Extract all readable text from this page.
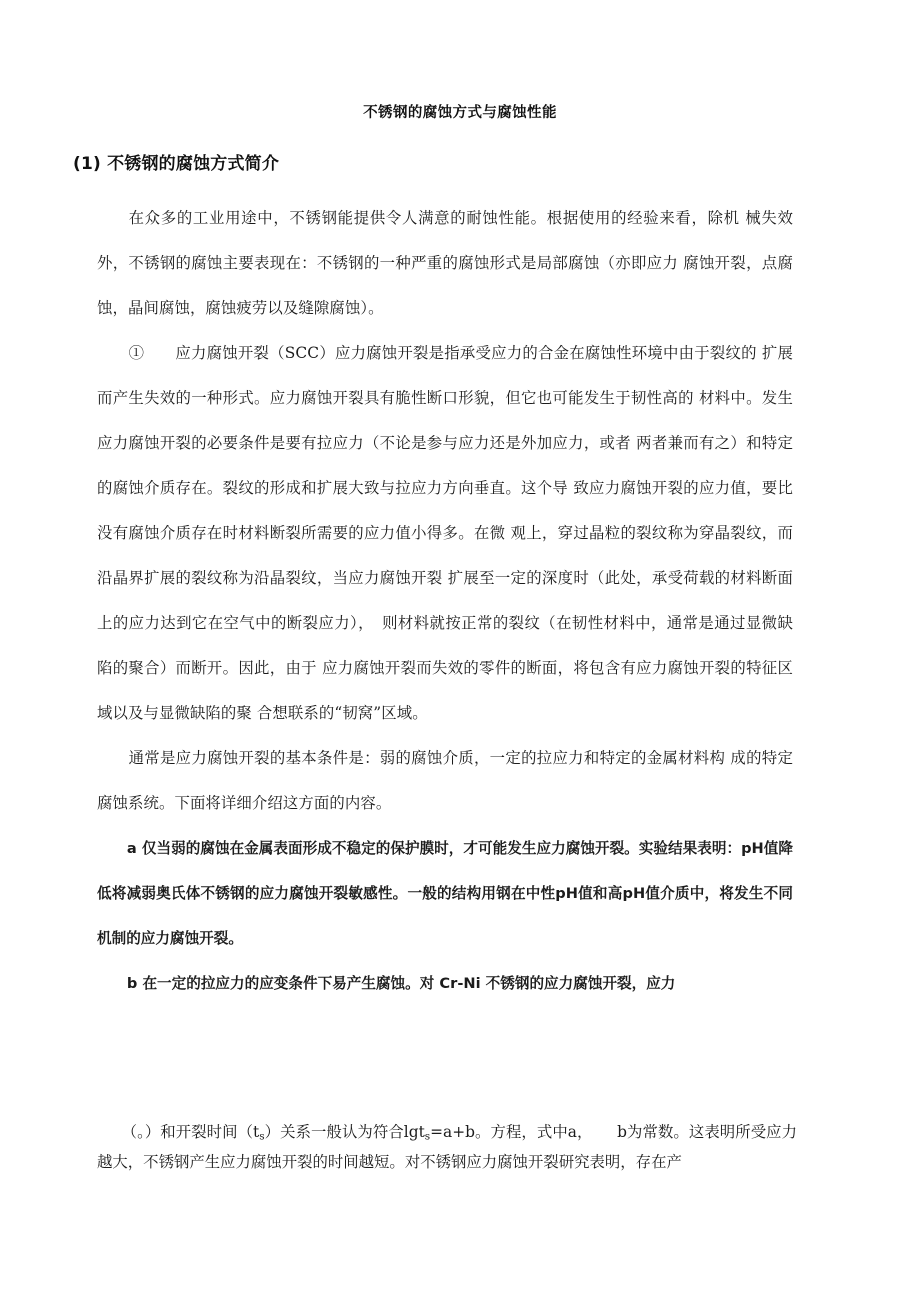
不锈钢的腐蚀方式与腐蚀性能
(1) 不锈钢的腐蚀方式简介

在众多的工业用途中，不锈钢能提供令人满意的耐蚀性能。根据使用的经验来看，除机 械失效外，不锈钢的腐蚀主要表现在：不锈钢的一种严重的腐蚀形式是局部腐蚀（亦即应力 腐蚀开裂，点腐蚀，晶间腐蚀，腐蚀疲劳以及缝隙腐蚀）。

①　　应力腐蚀开裂（SCC）应力腐蚀开裂是指承受应力的合金在腐蚀性环境中由于裂纹的 扩展而产生失效的一种形式。应力腐蚀开裂具有脆性断口形貌，但它也可能发生于韧性高的 材料中。发生应力腐蚀开裂的必要条件是要有拉应力（不论是参与应力还是外加应力，或者 两者兼而有之）和特定的腐蚀介质存在。裂纹的形成和扩展大致与拉应力方向垂直。这个导 致应力腐蚀开裂的应力值，要比没有腐蚀介质存在时材料断裂所需要的应力值小得多。在微 观上，穿过晶粒的裂纹称为穿晶裂纹，而沿晶界扩展的裂纹称为沿晶裂纹，当应力腐蚀开裂 扩展至一定的深度时（此处，承受荷载的材料断面上的应力达到它在空气中的断裂应力），　则材料就按正常的裂纹（在韧性材料中，通常是通过显微缺陷的聚合）而断开。因此，由于 应力腐蚀开裂而失效的零件的断面，将包含有应力腐蚀开裂的特征区域以及与显微缺陷的聚 合想联系的“韧窝”区域。

通常是应力腐蚀开裂的基本条件是：弱的腐蚀介质，一定的拉应力和特定的金属材料构 成的特定腐蚀系统。下面将详细介绍这方面的内容。

a 仅当弱的腐蚀在金属表面形成不稳定的保护膜时，才可能发生应力腐蚀开裂。实验结果表明：pH值降低将减弱奥氏体不锈钢的应力腐蚀开裂敏感性。一般的结构用钢在中性pH值和高pH值介质中，将发生不同机制的应力腐蚀开裂。

b 在一定的拉应力的应变条件下易产生腐蚀。对 Cr-Ni 不锈钢的应力腐蚀开裂，应力

（。）和开裂时间$(t_s)$关系一般认为符合lgt$_s$=a+b。方程，式中a， b为常数。这表明所受应力越大，不锈钢产生应力腐蚀开裂的时间越短。对不锈钢应力腐蚀开裂研究表明，存在产
